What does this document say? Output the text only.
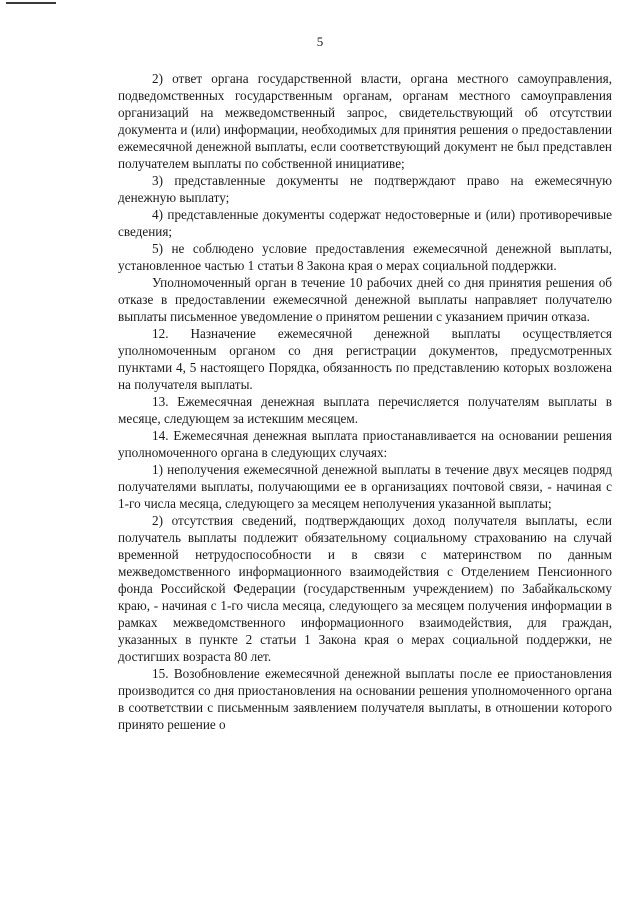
5

2) ответ органа государственной власти, органа местного самоуправления, подведомственных государственным органам, органам местного самоуправления организаций на межведомственный запрос, свидетельствующий об отсутствии документа и (или) информации, необходимых для принятия решения о предоставлении ежемесячной денежной выплаты, если соответствующий документ не был представлен получателем выплаты по собственной инициативе;

3) представленные документы не подтверждают право на ежемесячную денежную выплату;

4) представленные документы содержат недостоверные и (или) противоречивые сведения;

5) не соблюдено условие предоставления ежемесячной денежной выплаты, установленное частью 1 статьи 8 Закона края о мерах социальной поддержки.

Уполномоченный орган в течение 10 рабочих дней со дня принятия решения об отказе в предоставлении ежемесячной денежной выплаты направляет получателю выплаты письменное уведомление о принятом решении с указанием причин отказа.

12. Назначение ежемесячной денежной выплаты осуществляется уполномоченным органом со дня регистрации документов, предусмотренных пунктами 4, 5 настоящего Порядка, обязанность по представлению которых возложена на получателя выплаты.

13. Ежемесячная денежная выплата перечисляется получателям выплаты в месяце, следующем за истекшим месяцем.

14. Ежемесячная денежная выплата приостанавливается на основании решения уполномоченного органа в следующих случаях:

1) неполучения ежемесячной денежной выплаты в течение двух месяцев подряд получателями выплаты, получающими ее в организациях почтовой связи, - начиная с 1-го числа месяца, следующего за месяцем неполучения указанной выплаты;

2) отсутствия сведений, подтверждающих доход получателя выплаты, если получатель выплаты подлежит обязательному социальному страхованию на случай временной нетрудоспособности и в связи с материнством по данным межведомственного информационного взаимодействия с Отделением Пенсионного фонда Российской Федерации (государственным учреждением) по Забайкальскому краю, - начиная с 1-го числа месяца, следующего за месяцем получения информации в рамках межведомственного информационного взаимодействия, для граждан, указанных в пункте 2 статьи 1 Закона края о мерах социальной поддержки, не достигших возраста 80 лет.

15. Возобновление ежемесячной денежной выплаты после ее приостановления производится со дня приостановления на основании решения уполномоченного органа в соответствии с письменным заявлением получателя выплаты, в отношении которого принято решение о
